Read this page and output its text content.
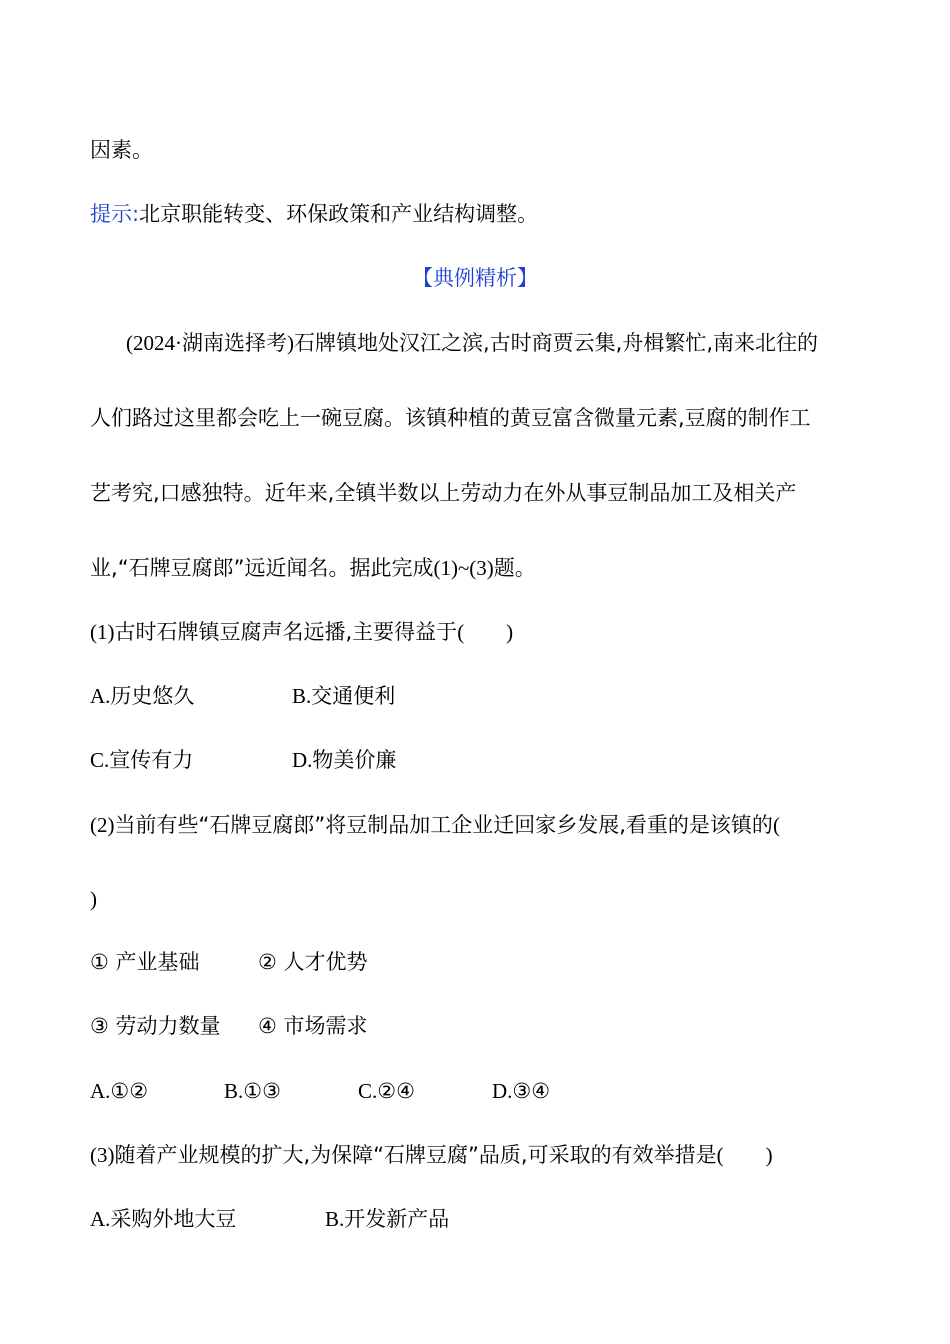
因素。
提示:北京职能转变、环保政策和产业结构调整。
【典例精析】
(2024·湖南选择考)石牌镇地处汉江之滨,古时商贾云集,舟楫繁忙,南来北往的
人们路过这里都会吃上一碗豆腐。该镇种植的黄豆富含微量元素,豆腐的制作工
艺考究,口感独特。近年来,全镇半数以上劳动力在外从事豆制品加工及相关产
业,“石牌豆腐郎”远近闻名。据此完成(1)~(3)题。
(1)古时石牌镇豆腐声名远播,主要得益于(        )
A.历史悠久	B.交通便利
C.宣传有力	D.物美价廉
(2)当前有些“石牌豆腐郎”将豆制品加工企业迁回家乡发展,看重的是该镇的(
)
① 产业基础	② 人才优势
③ 劳动力数量 ④ 市场需求
A.①②	B.①③	C.②④	D.③④
(3)随着产业规模的扩大,为保障“石牌豆腐”品质,可采取的有效举措是(        )
A.采购外地大豆	B.开发新产品
